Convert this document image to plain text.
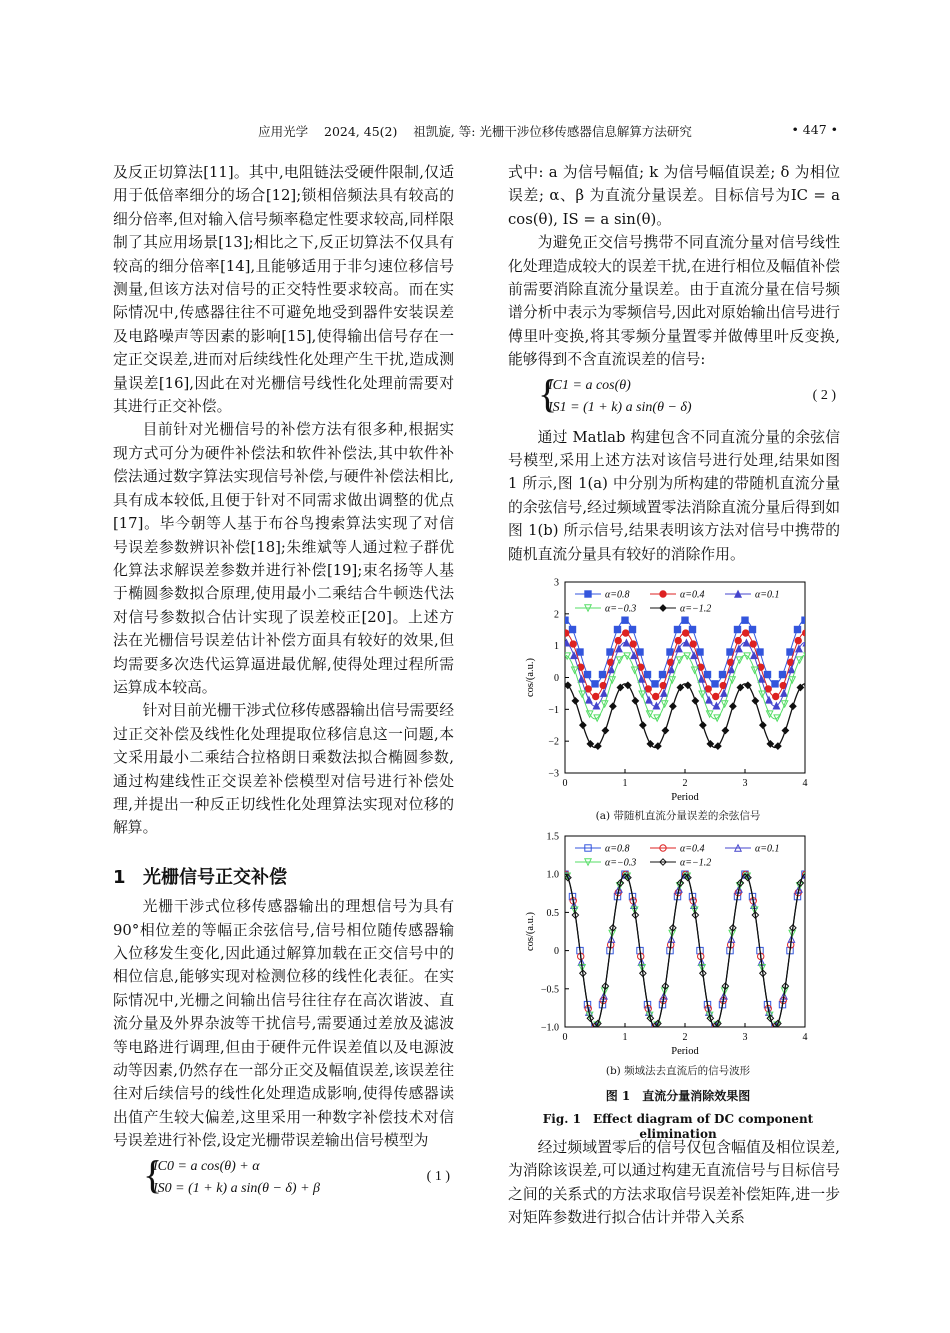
应用光学 2024, 45(2) 祖凯旋, 等: 光栅干涉位移传感器信息解算方法研究	• 447 •

及反正切算法[11]。其中,电阻链法受硬件限制,仅适用于低倍率细分的场合[12];锁相倍频法具有较高的细分倍率,但对输入信号频率稳定性要求较高,同样限制了其应用场景[13];相比之下,反正切算法不仅具有较高的细分倍率[14],且能够适用于非匀速位移信号测量,但该方法对信号的正交特性要求较高。而在实际情况中,传感器往往不可避免地受到器件安装误差及电路噪声等因素的影响[15],使得输出信号存在一定正交误差,进而对后续线性化处理产生干扰,造成测量误差[16],因此在对光栅信号线性化处理前需要对其进行正交补偿。

目前针对光栅信号的补偿方法有很多种,根据实现方式可分为硬件补偿法和软件补偿法,其中软件补偿法通过数字算法实现信号补偿,与硬件补偿法相比,具有成本较低,且便于针对不同需求做出调整的优点[17]。毕今朝等人基于布谷鸟搜索算法实现了对信号误差参数辨识补偿[18];朱维斌等人通过粒子群优化算法求解误差参数并进行补偿[19];束名扬等人基于椭圆参数拟合原理,使用最小二乘结合牛顿迭代法对信号参数拟合估计实现了误差校正[20]。上述方法在光栅信号误差估计补偿方面具有较好的效果,但均需要多次迭代运算逼进最优解,使得处理过程所需运算成本较高。

针对目前光栅干涉式位移传感器输出信号需要经过正交补偿及线性化处理提取位移信息这一问题,本文采用最小二乘结合拉格朗日乘数法拟合椭圆参数,通过构建线性正交误差补偿模型对信号进行补偿处理,并提出一种反正切线性化处理算法实现对位移的解算。

1 光栅信号正交补偿

光栅干涉式位移传感器输出的理想信号为具有 90°相位差的等幅正余弦信号,信号相位随传感器输入位移发生变化,因此通过解算加载在正交信号中的相位信息,能够实现对检测位移的线性化表征。在实际情况中,光栅之间输出信号往往存在高次谐波、直流分量及外界杂波等干扰信号,需要通过差放及滤波等电路进行调理,但由于硬件元件误差值以及电源波动等因素,仍然存在一部分正交及幅值误差,该误差往往对后续信号的线性化处理造成影响,使得传感器读出值产生较大偏差,这里采用一种数字补偿技术对信号误差进行补偿,设定光栅带误差输出信号模型为

{
IC0 = a cos(θ) + α
IS0 = (1 + k) a sin(θ − δ) + β
( 1 )

式中: a 为信号幅值; k 为信号幅值误差; δ 为相位误差; α、β 为直流分量误差。目标信号为IC = a cos(θ), IS = a sin(θ)。

为避免正交信号携带不同直流分量对信号线性化处理造成较大的误差干扰,在进行相位及幅值补偿前需要消除直流分量误差。由于直流分量在信号频谱分析中表示为零频信号,因此对原始输出信号进行傅里叶变换,将其零频分量置零并做傅里叶反变换,能够得到不含直流误差的信号:

{
IC1 = a cos(θ)
IS1 = (1 + k) a sin(θ − δ)
( 2 )

通过 Matlab 构建包含不同直流分量的余弦信号模型,采用上述方法对该信号进行处理,结果如图 1 所示,图 1(a) 中分别为所构建的带随机直流分量的余弦信号,经过频域置零法消除直流分量后得到如图 1(b) 所示信号,结果表明该方法对信号中携带的随机直流分量具有较好的消除作用。

0	1	2	3	4
−3
−2
−1
0
1
2
3
Period
cos/(a.u.)
α=0.8	α=0.4	α=0.1
α=−0.3	α=−1.2
(a) 带随机直流分量误差的余弦信号
0	1	2	3	4
−1.0
−0.5
0
0.5
1.0
1.5
Period
cos/(a.u.)
α=0.8	α=0.4	α=0.1
α=−0.3	α=−1.2
(b) 频域法去直流后的信号波形
图 1　直流分量消除效果图
Fig. 1　Effect diagram of DC component elimination

经过频域置零后的信号仅包含幅值及相位误差,为消除该误差,可以通过构建无直流信号与目标信号之间的关系式的方法求取信号误差补偿矩阵,进一步对矩阵参数进行拟合估计并带入关系
